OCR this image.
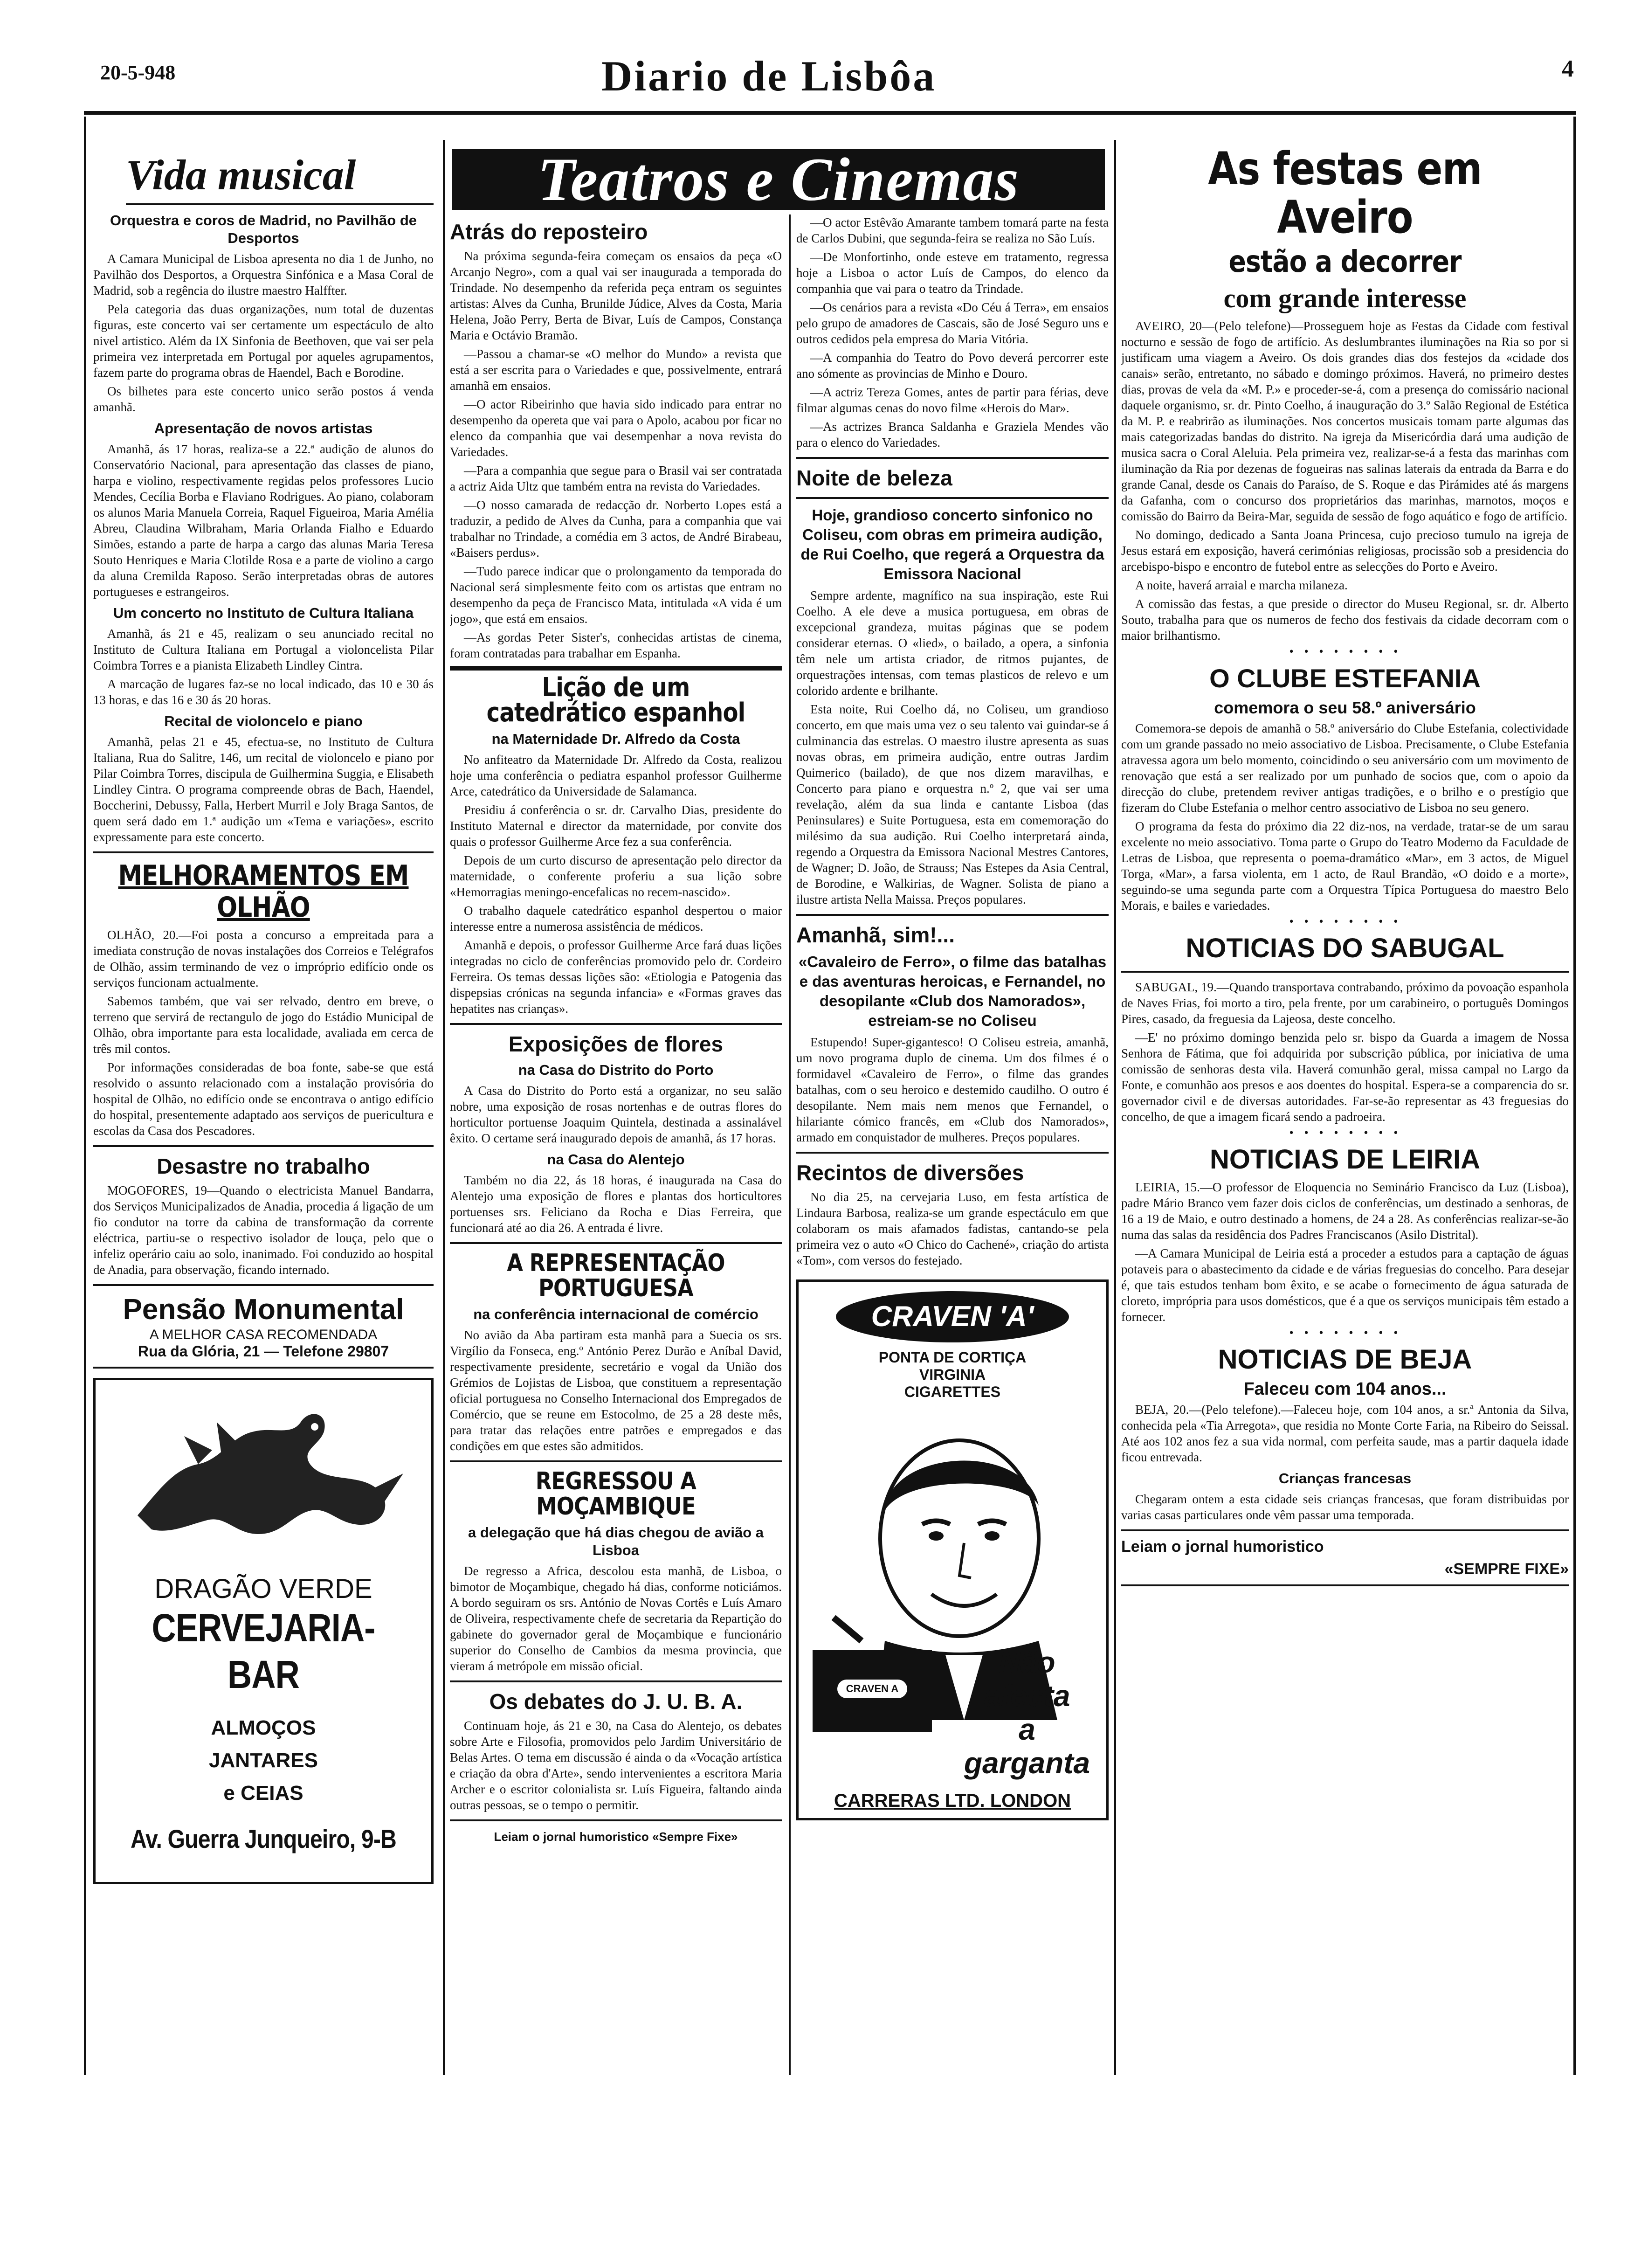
20-5-948	Diario de Lisbôa	4
Vida musical
Orquestra e coros de Madrid, no Pavilhão de Desportos

A Camara Municipal de Lisboa apresenta no dia 1 de Junho, no Pavilhão dos Desportos, a Orquestra Sinfónica e a Masa Coral de Madrid, sob a regência do ilustre maestro Halffter.

Pela categoria das duas organizações, num total de duzentas figuras, este concerto vai ser certamente um espectáculo de alto nivel artistico. Além da IX Sinfonia de Beethoven, que vai ser pela primeira vez interpretada em Portugal por aqueles agrupamentos, fazem parte do programa obras de Haendel, Bach e Borodine.

Os bilhetes para este concerto unico serão postos á venda amanhã.

Apresentação de novos artistas

Amanhã, ás 17 horas, realiza-se a 22.ª audição de alunos do Conservatório Nacional, para apresentação das classes de piano, harpa e violino, respectivamente regidas pelos professores Lucio Mendes, Cecília Borba e Flaviano Rodrigues. Ao piano, colaboram os alunos Maria Manuela Correia, Raquel Figueiroa, Maria Amélia Abreu, Claudina Wilbraham, Maria Orlanda Fialho e Eduardo Simões, estando a parte de harpa a cargo das alunas Maria Teresa Souto Henriques e Maria Clotilde Rosa e a parte de violino a cargo da aluna Cremilda Raposo. Serão interpretadas obras de autores portugueses e estrangeiros.

Um concerto no Instituto de Cultura Italiana

Amanhã, ás 21 e 45, realizam o seu anunciado recital no Instituto de Cultura Italiana em Portugal a violoncelista Pilar Coimbra Torres e a pianista Elizabeth Lindley Cintra.

A marcação de lugares faz-se no local indicado, das 10 e 30 ás 13 horas, e das 16 e 30 ás 20 horas.

Recital de violoncelo e piano

Amanhã, pelas 21 e 45, efectua-se, no Instituto de Cultura Italiana, Rua do Salitre, 146, um recital de violoncelo e piano por Pilar Coimbra Torres, discipula de Guilhermina Suggia, e Elisabeth Lindley Cintra. O programa compreende obras de Bach, Haendel, Boccherini, Debussy, Falla, Herbert Murril e Joly Braga Santos, de quem será dado em 1.ª audição um «Tema e variações», escrito expressamente para este concerto.

MELHORAMENTOS EM OLHÃO

OLHÃO, 20.—Foi posta a concurso a empreitada para a imediata construção de novas instalações dos Correios e Telégrafos de Olhão, assim terminando de vez o impróprio edifício onde os serviços funcionam actualmente.

Sabemos também, que vai ser relvado, dentro em breve, o terreno que servirá de rectangulo de jogo do Estádio Municipal de Olhão, obra importante para esta localidade, avaliada em cerca de três mil contos.

Por informações consideradas de boa fonte, sabe-se que está resolvido o assunto relacionado com a instalação provisória do hospital de Olhão, no edifício onde se encontrava o antigo edifício do hospital, presentemente adaptado aos serviços de puericultura e escolas da Casa dos Pescadores.

Desastre no trabalho

MOGOFORES, 19—Quando o electricista Manuel Bandarra, dos Serviços Municipalizados de Anadia, procedia á ligação de um fio condutor na torre da cabina de transformação da corrente eléctrica, partiu-se o respectivo isolador de louça, pelo que o infeliz operário caiu ao solo, inanimado. Foi conduzido ao hospital de Anadia, para observação, ficando internado.

Pensão Monumental
A MELHOR CASA RECOMENDADA
Rua da Glória, 21 — Telefone 29807
DRAGÃO VERDE
CERVEJARIA-BAR
ALMOÇOS
JANTARES
e CEIAS
Av. Guerra Junqueiro, 9-B
Teatros e Cinemas
Atrás do reposteiro

Na próxima segunda-feira começam os ensaios da peça «O Arcanjo Negro», com a qual vai ser inaugurada a temporada do Trindade. No desempenho da referida peça entram os seguintes artistas: Alves da Cunha, Brunilde Júdice, Alves da Costa, Maria Helena, João Perry, Berta de Bivar, Luís de Campos, Constança Maria e Octávio Bramão.

—Passou a chamar-se «O melhor do Mundo» a revista que está a ser escrita para o Variedades e que, possivelmente, entrará amanhã em ensaios.

—O actor Ribeirinho que havia sido indicado para entrar no desempenho da opereta que vai para o Apolo, acabou por ficar no elenco da companhia que vai desempenhar a nova revista do Variedades.

—Para a companhia que segue para o Brasil vai ser contratada a actriz Aida Ultz que também entra na revista do Variedades.

—O nosso camarada de redacção dr. Norberto Lopes está a traduzir, a pedido de Alves da Cunha, para a companhia que vai trabalhar no Trindade, a comédia em 3 actos, de André Birabeau, «Baisers perdus».

—Tudo parece indicar que o prolongamento da temporada do Nacional será simplesmente feito com os artistas que entram no desempenho da peça de Francisco Mata, intitulada «A vida é um jogo», que está em ensaios.

—As gordas Peter Sister's, conhecidas artistas de cinema, foram contratadas para trabalhar em Espanha.

Lição de um catedrático espanhol
na Maternidade Dr. Alfredo da Costa

No anfiteatro da Maternidade Dr. Alfredo da Costa, realizou hoje uma conferência o pediatra espanhol professor Guilherme Arce, catedrático da Universidade de Salamanca.

Presidiu á conferência o sr. dr. Carvalho Dias, presidente do Instituto Maternal e director da maternidade, por convite dos quais o professor Guilherme Arce fez a sua conferência.

Depois de um curto discurso de apresentação pelo director da maternidade, o conferente proferiu a sua lição sobre «Hemorragias meningo-encefalicas no recem-nascido».

O trabalho daquele catedrático espanhol despertou o maior interesse entre a numerosa assistência de médicos.

Amanhã e depois, o professor Guilherme Arce fará duas lições integradas no ciclo de conferências promovido pelo dr. Cordeiro Ferreira. Os temas dessas lições são: «Etiologia e Patogenia das dispepsias crónicas na segunda infancia» e «Formas graves das hepatites nas crianças».

Exposições de flores
na Casa do Distrito do Porto

A Casa do Distrito do Porto está a organizar, no seu salão nobre, uma exposição de rosas nortenhas e de outras flores do horticultor portuense Joaquim Quintela, destinada a assinalável êxito. O certame será inaugurado depois de amanhã, ás 17 horas.

na Casa do Alentejo

Também no dia 22, ás 18 horas, é inaugurada na Casa do Alentejo uma exposição de flores e plantas dos horticultores portuenses srs. Feliciano da Rocha e Dias Ferreira, que funcionará até ao dia 26. A entrada é livre.

A REPRESENTAÇÃO PORTUGUESA
na conferência internacional de comércio

No avião da Aba partiram esta manhã para a Suecia os srs. Virgílio da Fonseca, eng.º António Perez Durão e Aníbal David, respectivamente presidente, secretário e vogal da União dos Grémios de Lojistas de Lisboa, que constituem a representação oficial portuguesa no Conselho Internacional dos Empregados de Comércio, que se reune em Estocolmo, de 25 a 28 deste mês, para tratar das relações entre patrões e empregados e das condições em que estes são admitidos.

REGRESSOU A MOÇAMBIQUE
a delegação que há dias chegou de avião a Lisboa

De regresso a Africa, descolou esta manhã, de Lisboa, o bimotor de Moçambique, chegado há dias, conforme noticiámos. A bordo seguiram os srs. António de Novas Cortês e Luís Amaro de Oliveira, respectivamente chefe de secretaria da Repartição do gabinete do governador geral de Moçambique e funcionário superior do Conselho de Cambios da mesma provincia, que vieram á metrópole em missão oficial.

Os debates do J. U. B. A.

Continuam hoje, ás 21 e 30, na Casa do Alentejo, os debates sobre Arte e Filosofia, promovidos pelo Jardim Universitário de Belas Artes. O tema em discussão é ainda o da «Vocação artística e criação da obra d'Arte», sendo intervenientes a escritora Maria Archer e o escritor colonialista sr. Luís Figueira, faltando ainda outras pessoas, se o tempo o permitir.

Leiam o jornal humoristico «Sempre Fixe»

—O actor Estêvão Amarante tambem tomará parte na festa de Carlos Dubini, que segunda-feira se realiza no São Luís.

—De Monfortinho, onde esteve em tratamento, regressa hoje a Lisboa o actor Luís de Campos, do elenco da companhia que vai para o teatro da Trindade.

—Os cenários para a revista «Do Céu á Terra», em ensaios pelo grupo de amadores de Cascais, são de José Seguro uns e outros cedidos pela empresa do Maria Vitória.

—A companhia do Teatro do Povo deverá percorrer este ano sómente as provincias de Minho e Douro.

—A actriz Tereza Gomes, antes de partir para férias, deve filmar algumas cenas do novo filme «Herois do Mar».

—As actrizes Branca Saldanha e Graziela Mendes vão para o elenco do Variedades.

Noite de beleza
Hoje, grandioso concerto sinfonico no Coliseu, com obras em primeira audição, de Rui Coelho, que regerá a Orquestra da Emissora Nacional

Sempre ardente, magnífico na sua inspiração, este Rui Coelho. A ele deve a musica portuguesa, em obras de excepcional grandeza, muitas páginas que se podem considerar eternas. O «lied», o bailado, a opera, a sinfonia têm nele um artista criador, de ritmos pujantes, de orquestrações intensas, com temas plasticos de relevo e um colorido ardente e brilhante.

Esta noite, Rui Coelho dá, no Coliseu, um grandioso concerto, em que mais uma vez o seu talento vai guindar-se á culminancia das estrelas. O maestro ilustre apresenta as suas novas obras, em primeira audição, entre outras Jardim Quimerico (bailado), de que nos dizem maravilhas, e Concerto para piano e orquestra n.º 2, que vai ser uma revelação, além da sua linda e cantante Lisboa (das Peninsulares) e Suite Portuguesa, esta em comemoração do milésimo da sua audição. Rui Coelho interpretará ainda, regendo a Orquestra da Emissora Nacional Mestres Cantores, de Wagner; D. João, de Strauss; Nas Estepes da Asia Central, de Borodine, e Walkirias, de Wagner. Solista de piano a ilustre artista Nella Maissa. Preços populares.

Amanhã, sim!...
«Cavaleiro de Ferro», o filme das batalhas e das aventuras heroicas, e Fernandel, no desopilante «Club dos Namorados», estreiam-se no Coliseu

Estupendo! Super-gigantesco! O Coliseu estreia, amanhã, um novo programa duplo de cinema. Um dos filmes é o formidavel «Cavaleiro de Ferro», o filme das grandes batalhas, com o seu heroico e destemido caudilho. O outro é desopilante. Nem mais nem menos que Fernandel, o hilariante cómico francês, em «Club dos Namorados», armado em conquistador de mulheres. Preços populares.

Recintos de diversões

No dia 25, na cervejaria Luso, em festa artística de Lindaura Barbosa, realiza-se um grande espectáculo em que colaboram os mais afamados fadistas, cantando-se pela primeira vez o auto «O Chico do Cachené», criação do artista «Tom», com versos do festejado.

CRAVEN 'A'
PONTA DE CORTIÇA
VIRGINIA
CIGARETTES
CRAVEN A
Não
afecta
a garganta
CARRERAS LTD. LONDON
As festas em Aveiro
estão a decorrer
com grande interesse

AVEIRO, 20—(Pelo telefone)—Prosseguem hoje as Festas da Cidade com festival nocturno e sessão de fogo de artifício. As deslumbrantes iluminações na Ria so por si justificam uma viagem a Aveiro. Os dois grandes dias dos festejos da «cidade dos canais» serão, entretanto, no sábado e domingo próximos. Haverá, no primeiro destes dias, provas de vela da «M. P.» e proceder-se-á, com a presença do comissário nacional daquele organismo, sr. dr. Pinto Coelho, á inauguração do 3.º Salão Regional de Estética da M. P. e reabrirão as iluminações. Nos concertos musicais tomam parte algumas das mais categorizadas bandas do distrito. Na igreja da Misericórdia dará uma audição de musica sacra o Coral Aleluia. Pela primeira vez, realizar-se-á a festa das marinhas com iluminação da Ria por dezenas de fogueiras nas salinas laterais da entrada da Barra e do grande Canal, desde os Canais do Paraíso, de S. Roque e das Pirámides até ás margens da Gafanha, com o concurso dos proprietários das marinhas, marnotos, moços e comissão do Bairro da Beira-Mar, seguida de sessão de fogo aquático e fogo de artifício.

No domingo, dedicado a Santa Joana Princesa, cujo precioso tumulo na igreja de Jesus estará em exposição, haverá cerimónias religiosas, procissão sob a presidencia do arcebispo-bispo e encontro de futebol entre as selecções do Porto e Aveiro.

A noite, haverá arraial e marcha milaneza.

A comissão das festas, a que preside o director do Museu Regional, sr. dr. Alberto Souto, trabalha para que os numeros de fecho dos festivais da cidade decorram com o maior brilhantismo.

• • • • • • • •
O CLUBE ESTEFANIA
comemora o seu 58.º aniversário

Comemora-se depois de amanhã o 58.º aniversário do Clube Estefania, colectividade com um grande passado no meio associativo de Lisboa. Precisamente, o Clube Estefania atravessa agora um belo momento, coincidindo o seu aniversário com um movimento de renovação que está a ser realizado por um punhado de socios que, com o apoio da direcção do clube, pretendem reviver antigas tradições, e o brilho e o prestígio que fizeram do Clube Estefania o melhor centro associativo de Lisboa no seu genero.

O programa da festa do próximo dia 22 diz-nos, na verdade, tratar-se de um sarau excelente no meio associativo. Toma parte o Grupo do Teatro Moderno da Faculdade de Letras de Lisboa, que representa o poema-dramático «Mar», em 3 actos, de Miguel Torga, «Mar», a farsa violenta, em 1 acto, de Raul Brandão, «O doido e a morte», seguindo-se uma segunda parte com a Orquestra Típica Portuguesa do maestro Belo Morais, e bailes e variedades.

• • • • • • • •
NOTICIAS DO SABUGAL

SABUGAL, 19.—Quando transportava contrabando, próximo da povoação espanhola de Naves Frias, foi morto a tiro, pela frente, por um carabineiro, o português Domingos Pires, casado, da freguesia da Lajeosa, deste concelho.

—E' no próximo domingo benzida pelo sr. bispo da Guarda a imagem de Nossa Senhora de Fátima, que foi adquirida por subscrição pública, por iniciativa de uma comissão de senhoras desta vila. Haverá comunhão geral, missa campal no Largo da Fonte, e comunhão aos presos e aos doentes do hospital. Espera-se a comparencia do sr. governador civil e de diversas autoridades. Far-se-ão representar as 43 freguesias do concelho, de que a imagem ficará sendo a padroeira.

• • • • • • • •
NOTICIAS DE LEIRIA

LEIRIA, 15.—O professor de Eloquencia no Seminário Francisco da Luz (Lisboa), padre Mário Branco vem fazer dois ciclos de conferências, um destinado a senhoras, de 16 a 19 de Maio, e outro destinado a homens, de 24 a 28. As conferências realizar-se-ão numa das salas da residência dos Padres Franciscanos (Asilo Distrital).

—A Camara Municipal de Leiria está a proceder a estudos para a captação de águas potaveis para o abastecimento da cidade e de várias freguesias do concelho. Para desejar é, que tais estudos tenham bom êxito, e se acabe o fornecimento de água saturada de cloreto, imprópria para usos domésticos, que é a que os serviços municipais têm estado a fornecer.

• • • • • • • •
NOTICIAS DE BEJA
Faleceu com 104 anos...

BEJA, 20.—(Pelo telefone).—Faleceu hoje, com 104 anos, a sr.ª Antonia da Silva, conhecida pela «Tia Arregota», que residia no Monte Corte Faria, na Ribeiro do Seissal. Até aos 102 anos fez a sua vida normal, com perfeita saude, mas a partir daquela idade ficou entrevada.

Crianças francesas

Chegaram ontem a esta cidade seis crianças francesas, que foram distribuidas por varias casas particulares onde vêm passar uma temporada.

Leiam o jornal humoristico
«SEMPRE FIXE»
